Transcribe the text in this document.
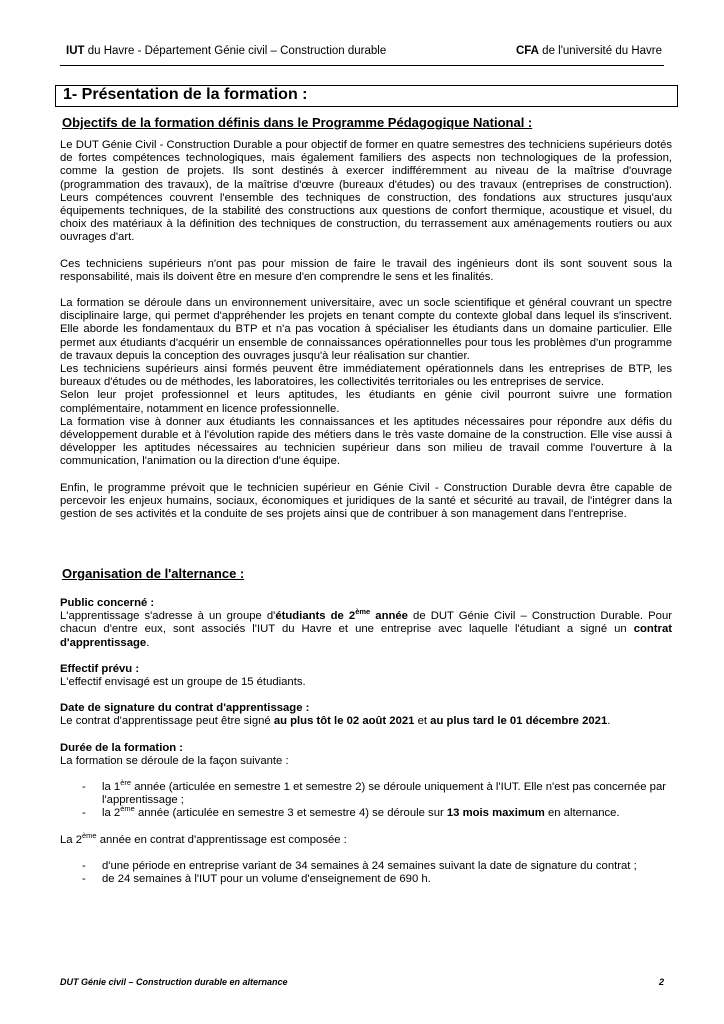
IUT du Havre - Département Génie civil – Construction durable	CFA de l'université du Havre
1- Présentation de la formation :
Objectifs de la formation définis dans le Programme Pédagogique National :

Le DUT Génie Civil - Construction Durable a pour objectif de former en quatre semestres des techniciens supérieurs dotés de fortes compétences technologiques, mais également familiers des aspects non technologiques de la profession, comme la gestion de projets. Ils sont destinés à exercer indifféremment au niveau de la maîtrise d'ouvrage (programmation des travaux), de la maîtrise d'œuvre (bureaux d'études) ou des travaux (entreprises de construction). Leurs compétences couvrent l'ensemble des techniques de construction, des fondations aux structures jusqu'aux équipements techniques, de la stabilité des constructions aux questions de confort thermique, acoustique et visuel, du choix des matériaux à la définition des techniques de construction, du terrassement aux aménagements routiers ou aux ouvrages d'art.

Ces techniciens supérieurs n'ont pas pour mission de faire le travail des ingénieurs dont ils sont souvent sous la responsabilité, mais ils doivent être en mesure d'en comprendre le sens et les finalités.

La formation se déroule dans un environnement universitaire, avec un socle scientifique et général couvrant un spectre disciplinaire large, qui permet d'appréhender les projets en tenant compte du contexte global dans lequel ils s'inscrivent. Elle aborde les fondamentaux du BTP et n'a pas vocation à spécialiser les étudiants dans un domaine particulier. Elle permet aux étudiants d'acquérir un ensemble de connaissances opérationnelles pour tous les problèmes d'un programme de travaux depuis la conception des ouvrages jusqu'à leur réalisation sur chantier.

Les techniciens supérieurs ainsi formés peuvent être immédiatement opérationnels dans les entreprises de BTP, les bureaux d'études ou de méthodes, les laboratoires, les collectivités territoriales ou les entreprises de service.

Selon leur projet professionnel et leurs aptitudes, les étudiants en génie civil pourront suivre une formation complémentaire, notamment en licence professionnelle.

La formation vise à donner aux étudiants les connaissances et les aptitudes nécessaires pour répondre aux défis du développement durable et à l'évolution rapide des métiers dans le très vaste domaine de la construction. Elle vise aussi à développer les aptitudes nécessaires au technicien supérieur dans son milieu de travail comme l'ouverture à la communication, l'animation ou la direction d'une équipe.

Enfin, le programme prévoit que le technicien supérieur en Génie Civil - Construction Durable devra être capable de percevoir les enjeux humains, sociaux, économiques et juridiques de la santé et sécurité au travail, de l'intégrer dans la gestion de ses activités et la conduite de ses projets ainsi que de contribuer à son management dans l'entreprise.

Organisation de l'alternance :

Public concerné :

L'apprentissage s'adresse à un groupe d'étudiants de 2ème année de DUT Génie Civil – Construction Durable. Pour chacun d'entre eux, sont associés l'IUT du Havre et une entreprise avec laquelle l'étudiant a signé un contrat d'apprentissage.

Effectif prévu :

L'effectif envisagé est un groupe de 15 étudiants.

Date de signature du contrat d'apprentissage :

Le contrat d'apprentissage peut être signé au plus tôt le 02 août 2021 et au plus tard le 01 décembre 2021.

Durée de la formation :

La formation se déroule de la façon suivante :

- la 1ère année (articulée en semestre 1 et semestre 2) se déroule uniquement à l'IUT. Elle n'est pas concernée par l'apprentissage ;
- la 2ème année (articulée en semestre 3 et semestre 4) se déroule sur 13 mois maximum en alternance.

La 2ème année en contrat d'apprentissage est composée :

- d'une période en entreprise variant de 34 semaines à 24 semaines suivant la date de signature du contrat ;
- de 24 semaines à l'IUT pour un volume d'enseignement de 690 h.
DUT Génie civil – Construction durable en alternance	2
